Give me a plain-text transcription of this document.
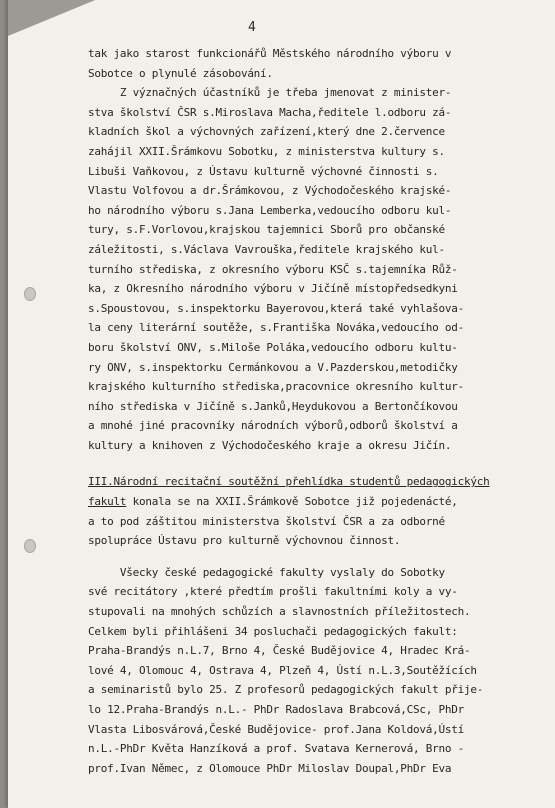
4
tak jako starost funkcionářů Městského národního výboru v
Sobotce o plynulé zásobování.
Z význačných účastníků je třeba jmenovat z minister-
stva školství ČSR s.Miroslava Macha,ředitele l.odboru zá-
kladních škol a výchovných zařízení,který dne 2.července
zahájil XXII.Šrámkovu Sobotku, z ministerstva kultury s.
Libuši Vaňkovou, z Ústavu kulturně výchovné činnosti s.
Vlastu Volfovou a dr.Šrámkovou, z Východočeského krajské-
ho národního výboru s.Jana Lemberka,vedoucího odboru kul-
tury, s.F.Vorlovou,krajskou tajemnici Sborů pro občanské
záležitosti, s.Václava Vavrouška,ředitele krajského kul-
turního střediska, z okresního výboru KSČ s.tajemníka Růž-
ka, z Okresního národního výboru v Jičíně místopředsedkyni
s.Spoustovou, s.inspektorku Bayerovou,která také vyhlašova-
la ceny literární soutěže, s.Františka Nováka,vedoucího od-
boru školství ONV, s.Miloše Poláka,vedoucího odboru kultu-
ry ONV, s.inspektorku Cermánkovou a V.Pazderskou,metodičky
krajského kulturního střediska,pracovnice okresního kultur-
ního střediska v Jičíně s.Janků,Heydukovou a Bertončíkovou
a mnohé jiné pracovníky národních výborů,odborů školství a
kultury a knihoven z Východočeského kraje a okresu Jičín.
III.Národní recitační soutěžní přehlídka studentů pedagogických
fakult konala se na XXII.Šrámkově Sobotce již pojedenácté,
a to pod záštitou ministerstva školství ČSR a za odborné
spolupráce Ústavu pro kulturně výchovnou činnost.
Všecky české pedagogické fakulty vyslaly do Sobotky
své recitátory ,které předtím prošli fakultními koly a vy-
stupovali na mnohých schůzích a slavnostních příležitostech.
Celkem byli přihlášeni 34 posluchači pedagogických fakult:
Praha-Brandýs n.L.7, Brno 4, České Budějovice 4, Hradec Krá-
lové 4, Olomouc 4, Ostrava 4, Plzeň 4, Ústí n.L.3,Soutěžících
a seminaristů bylo 25. Z profesorů pedagogických fakult přije-
lo 12.Praha-Brandýs n.L.- PhDr Radoslava Brabcová,CSc, PhDr
Vlasta Libosvárová,České Budějovice- prof.Jana Koldová,Ústí
n.L.-PhDr Květa Hanzíková a prof. Svatava Kernerová, Brno -
prof.Ivan Němec, z Olomouce PhDr Miloslav Doupal,PhDr Eva
